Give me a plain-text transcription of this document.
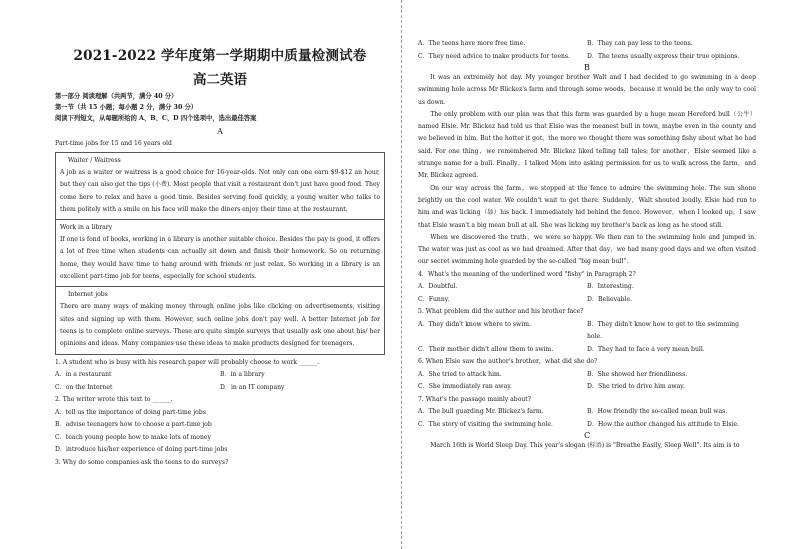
2021-2022 学年度第一学期期中质量检测试卷
高二英语
第一部分 阅读理解（共两节，满分 40 分）
第一节（共 15 小题；每小题 2 分，满分 30 分）
阅读下列短文，从每题所给的 A、B、C、D 四个选项中，选出最佳答案
A
Part-time jobs for 15 and 16 years old
Waiter / Waitress
A job as a waiter or waitress is a good choice for 16-year-olds. Not only can one earn $9-$12 an hour, but they can also get the tips (小费). Most people that visit a restaurant don't just have good food. They come here to relax and have a good time. Besides serving food quickly, a young waiter who talks to them politely with a smile on his face will make the diners enjoy their time at the restaurant.
Work in a library
If one is fond of books, working in a library is another suitable choice. Besides the pay is good, it offers a lot of free time when students can actually sit down and finish their homework. So on returning home, they would have time to hang around with friends or just relax. So working in a library is an excellent part-time job for teens, especially for school students.
Internet jobs
There are many ways of making money through online jobs like clicking on advertisements, visiting sites and signing up with them. However, such online jobs don't pay well. A better Internet job for teens is to complete online surveys. These are quite simple surveys that usually ask one about his/ her opinions and ideas. Many companies use these ideas to make products designed for teenagers.
1. A student who is busy with his research paper will probably choose to work ______.
A．in a restaurant	B．in a library
C．on the Internet	D．in an IT company
2. The writer wrote this text to ______.
A．tell us the importance of doing part-time jobs
B．advise teenagers how to choose a part-time job
C．teach young people how to make lots of money
D．introduce his/her experience of doing part-time jobs
3. Why do some companies ask the teens to do surveys?
A．The teens have more free time.	B．They can pay less to the teens.
C．They need advice to make products for teens.	D．The teens usually express their true opinions.
B
It was an extremely hot day. My younger brother Walt and I had decided to go swimming in a deep swimming hole across Mr Blickez's farm and through some woods，because it would be the only way to cool us down.
The only problem with our plan was that this farm was guarded by a huge mean Hereford bull（公牛）named Elsie. Mr. Blickez had told us that Elsie was the meanest bull in town, maybe even in the county and we believed in him. But the hotter it got，the more we thought there was something fishy about what he had said. For one thing，we remembered Mr. Blickez liked telling tall tales; for another，Elsie seemed like a strange name for a bull. Finally，I talked Mom into asking permission for us to walk across the farm，and Mr. Blickez agreed.
On our way across the farm，we stopped at the fence to admire the swimming hole. The sun shone brightly on the cool water. We couldn't wait to get there. Suddenly，Walt shouted loudly. Elsie had run to him and was licking（舔）his back. I immediately hid behind the fence. However，when I looked up，I saw that Elsie wasn't a big mean bull at all. She was licking my brother's back as long as he stood still.
When we discovered the truth，we were so happy. We then ran to the swimming hole and jumped in. The water was just as cool as we had dreamed. After that day，we had many good days and we often visited our secret swimming hole guarded by the so-called "big mean bull".
4．What's the meaning of the underlined word "fishy" in Paragraph 2?
A．Doubtful.	B．Interesting.
C．Funny.	D．Believable.
5. What problem did the author and his brother face?
A．They didn't know where to swim.	B．They didn't know how to get to the swimming hole.
C．Their mother didn't allow them to swim.	D．They had to face a very mean bull.
6. When Elsie saw the author's brother，what did she do?
A．She tried to attack him.	B．She showed her friendliness.
C．She immediately ran away.	D．She tried to drive him away.
7. What's the passage mainly about?
A．The bull guarding Mr. Blickez's farm.	B．How friendly the so-called mean bull was.
C．The story of visiting the swimming hole.	D．How the author changed his attitude to Elsie.
C
March 16th is World Sleep Day. This year's slogan (标语) is "Breathe Easily, Sleep Well". Its aim is to
